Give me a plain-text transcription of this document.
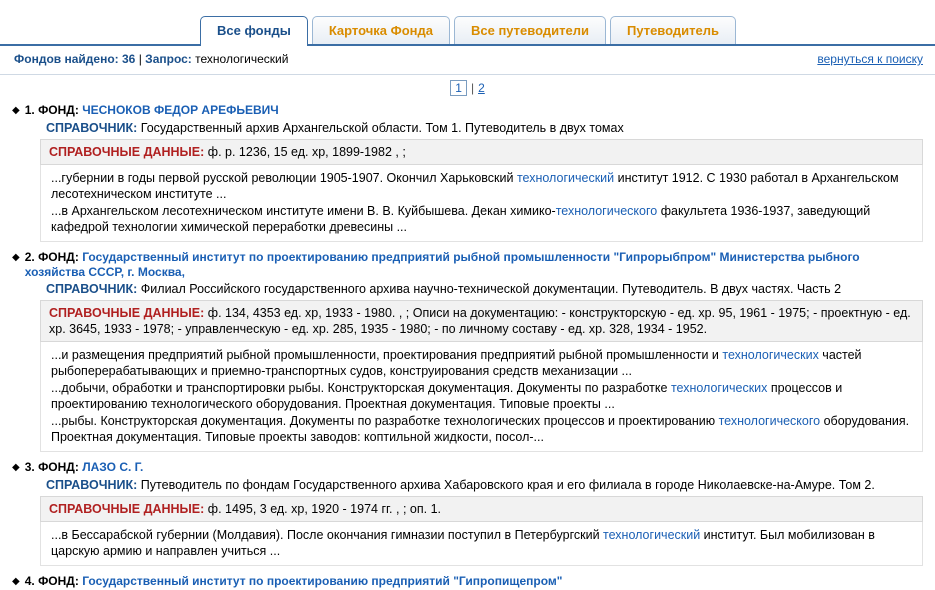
Все фонды	Карточка Фонда	Все путеводители	Путеводитель
Фондов найдено: 36 | Запрос: технологический	вернуться к поиску
1 | 2
◆ 1. ФОНД: ЧЕСНОКОВ ФЕДОР АРЕФЬЕВИЧ
СПРАВОЧНИК: Государственный архив Архангельской области. Том 1. Путеводитель в двух томах
СПРАВОЧНЫЕ ДАННЫЕ: ф. р. 1236, 15 ед. хр, 1899-1982 , ;
...губернии в годы первой русской революции 1905-1907. Окончил Харьковский технологический институт 1912. С 1930 работал в Архангельском лесотехническом институте ...
...в Архангельском лесотехническом институте имени В. В. Куйбышева. Декан химико-технологического факультета 1936-1937, заведующий кафедрой технологии химической переработки древесины ...
◆ 2. ФОНД: Государственный институт по проектированию предприятий рыбной промышленности "Гипрорыбпром" Министерства рыбного хозяйства СССР, г. Москва,
СПРАВОЧНИК: Филиал Российского государственного архива научно-технической документации. Путеводитель. В двух частях. Часть 2
СПРАВОЧНЫЕ ДАННЫЕ: ф. 134, 4353 ед. хр, 1933 - 1980. , ; Описи на документацию: - конструкторскую - ед. хр. 95, 1961 - 1975; - проектную - ед. хр. 3645, 1933 - 1978; - управленческую - ед. хр. 285, 1935 - 1980; - по личному составу - ед. хр. 328, 1934 - 1952.
...и размещения предприятий рыбной промышленности, проектирования предприятий рыбной промышленности и технологических частей рыбоперерабатывающих и приемно-транспортных судов, конструирования средств механизации ...
...добычи, обработки и транспортировки рыбы. Конструкторская документация. Документы по разработке технологических процессов и проектированию технологического оборудования. Проектная документация. Типовые проекты ...
...рыбы. Конструкторская документация. Документы по разработке технологических процессов и проектированию технологического оборудования. Проектная документация. Типовые проекты заводов: коптильной жидкости, посол-...
◆ 3. ФОНД: ЛАЗО С. Г.
СПРАВОЧНИК: Путеводитель по фондам Государственного архива Хабаровского края и его филиала в городе Николаевске-на-Амуре. Том 2.
СПРАВОЧНЫЕ ДАННЫЕ: ф. 1495, 3 ед. хр, 1920 - 1974 гг. , ; оп. 1.
...в Бессарабской губернии (Молдавия). После окончания гимназии поступил в Петербургский технологический институт. Был мобилизован в царскую армию и направлен учиться ...
◆ 4. ФОНД: Государственный институт по проектированию предприятий "Гипропищепром"
